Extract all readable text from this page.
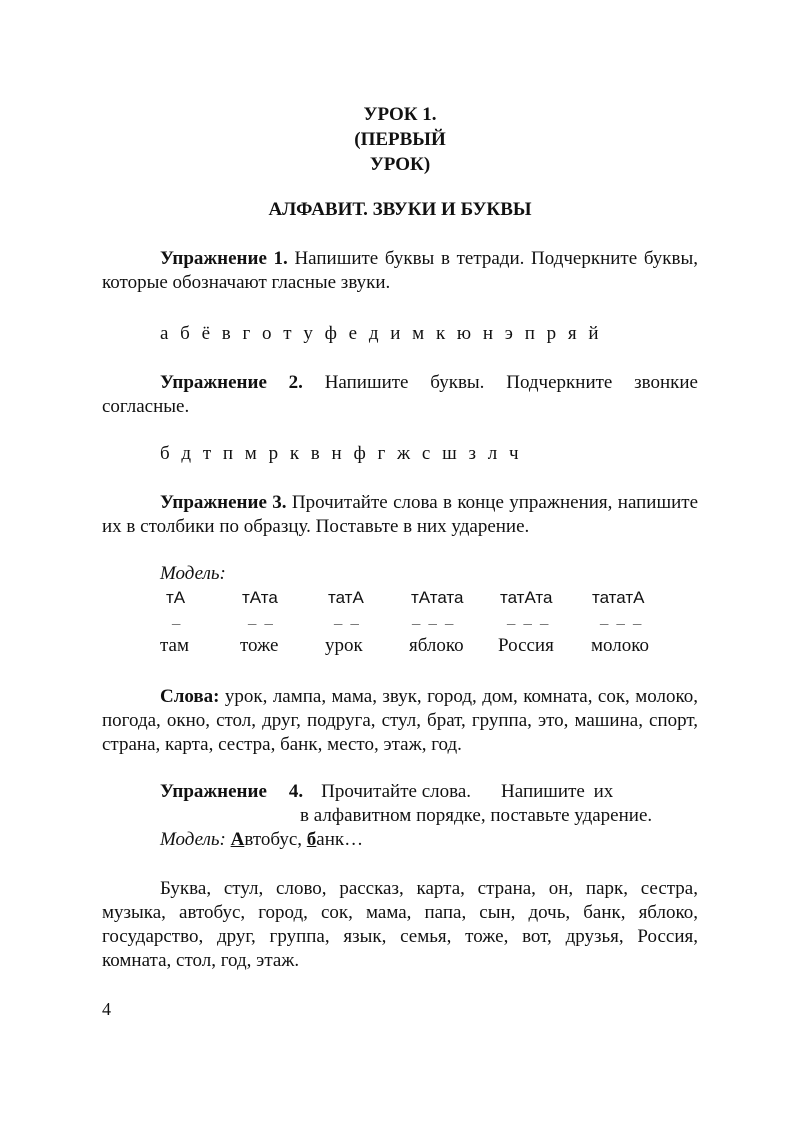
УРОК 1.
(ПЕРВЫЙ
УРОК)
АЛФАВИТ. ЗВУКИ И БУКВЫ
Упражнение 1. Напишите буквы в тетради. Подчеркните буквы, которые обозначают гласные звуки.
а б ё в г о т у ф е д и м к ю н э п р я й
Упражнение 2. Напишите буквы. Подчеркните звонкие согласные.
б д т п м р к в н ф г ж с ш з л ч
Упражнение 3. Прочитайте слова в конце упражнения, напишите их в столбики по образцу. Поставьте в них ударение.
Модель:
тА	тАта	татА	тАтата татАта тататА
_	_ _	_ _	_ _ _	_ _ _	_ _ _
там	тоже урок яблоко Россия молоко
Слова: урок, лампа, мама, звук, город, дом, комната, сок, молоко, погода, окно, стол, друг, подруга, стул, брат, группа, это, машина, спорт, страна, карта, сестра, банк, место, этаж, год.
Упражнение 4. Прочитайте слова. Напишите их
в алфавитном порядке, поставьте ударение.
Модель: Автобус, банк…
Буква, стул, слово, рассказ, карта, страна, он, парк, сестра, музыка, автобус, город, сок, мама, папа, сын, дочь, банк, яблоко, государство, друг, группа, язык, семья, тоже, вот, друзья, Россия, комната, стол, год, этаж.
4
